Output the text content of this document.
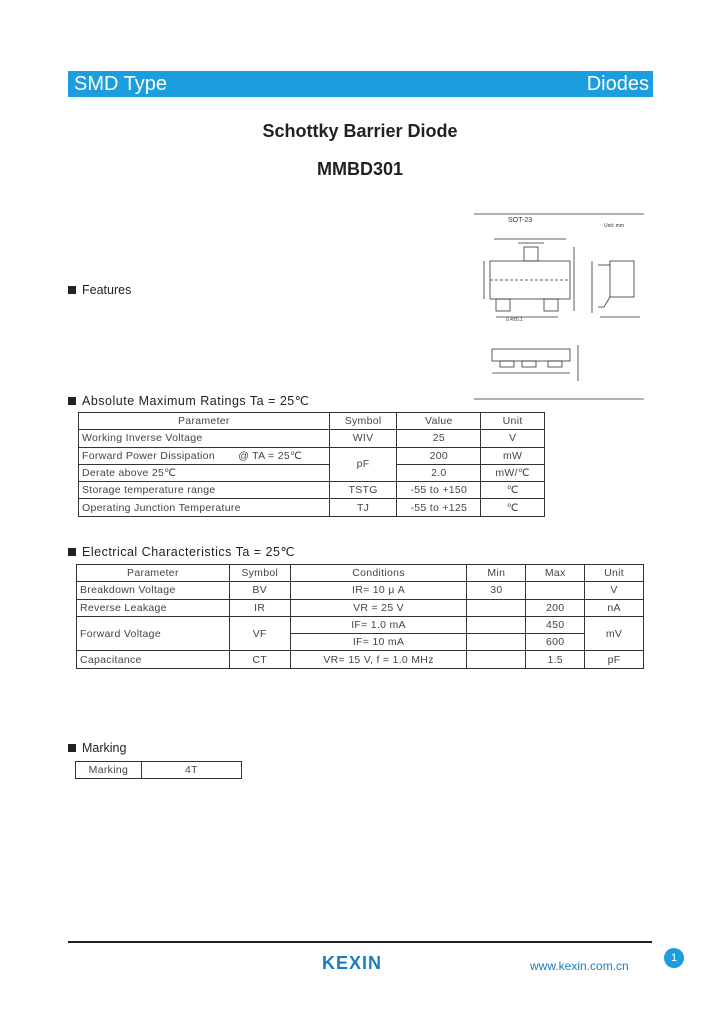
SMD Type	Diodes
Schottky Barrier Diode
MMBD301
SOT-23
Unit: mm
0.4±0.1
Features
Absolute Maximum Ratings Ta = 25℃
Parameter	Symbol	Value	Unit
Working Inverse Voltage	WIV	25	V
Forward Power Dissipation @ TA = 25℃	pF	200	mW
Derate above 25℃		2.0	mW/℃
Storage temperature range	TSTG	-55 to +150	℃
Operating Junction Temperature	TJ	-55 to +125	℃
Electrical Characteristics Ta = 25℃
Parameter	Symbol	Conditions	Min	Max	Unit
Breakdown Voltage	BV	IR= 10 μ A	30		V
Reverse Leakage	IR	VR = 25 V		200	nA
Forward Voltage	VF	IF= 1.0 mA		450	mV
		IF= 10 mA		600	
Capacitance	CT	VR= 15 V, f = 1.0 MHz		1.5	pF
Marking
Marking	4T
KEXIN	www.kexin.com.cn
1
